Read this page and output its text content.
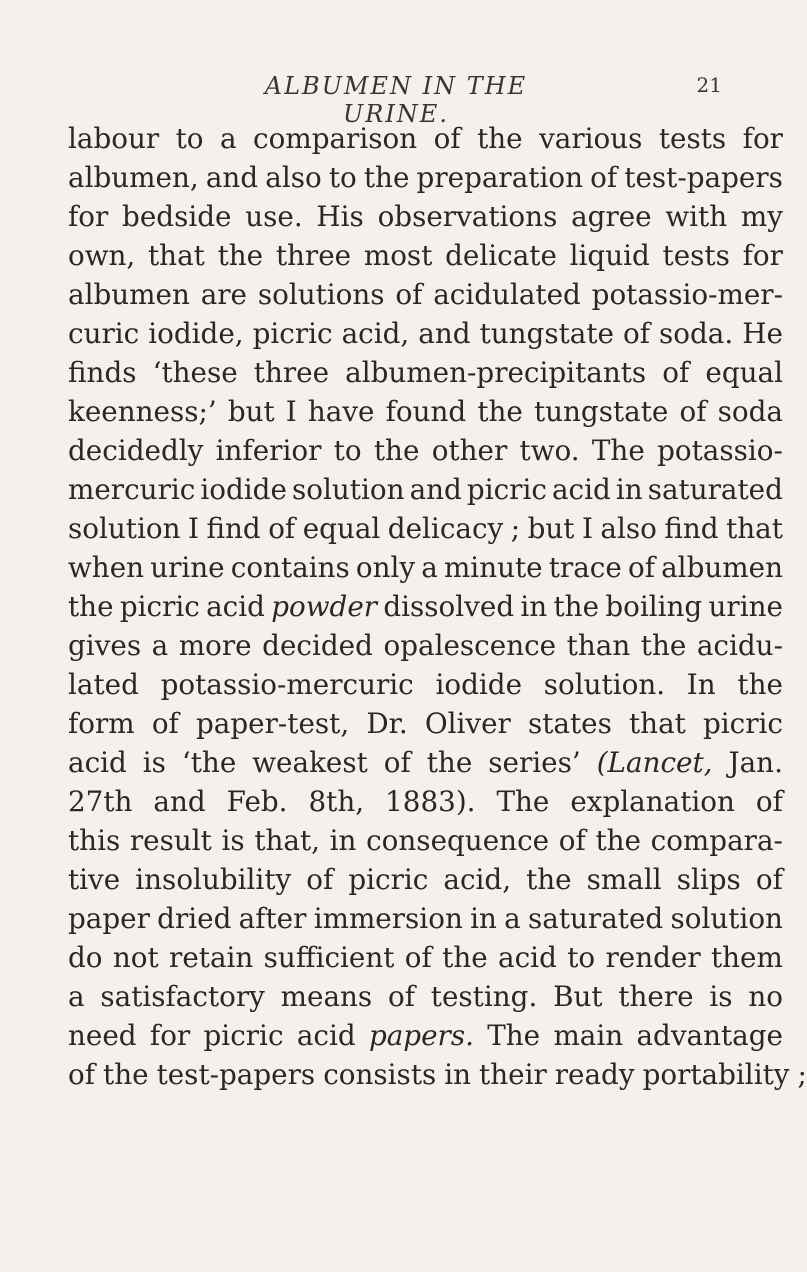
ALBUMEN IN THE URINE.
21
labour to a comparison of the various tests for
albumen, and also to the preparation of test-papers
for bedside use. His observations agree with my
own, that the three most delicate liquid tests for
albumen are solutions of acidulated potassio-mer-
curic iodide, picric acid, and tungstate of soda. He
finds ‘these three albumen-precipitants of equal
keenness;’ but I have found the tungstate of soda
decidedly inferior to the other two. The potassio-
mercuric iodide solution and picric acid in saturated
solution I find of equal delicacy ; but I also find that
when urine contains only a minute trace of albumen
the picric acid powder dissolved in the boiling urine
gives a more decided opalescence than the acidu-
lated potassio-mercuric iodide solution. In the
form of paper-test, Dr. Oliver states that picric
acid is ‘the weakest of the series’ (Lancet, Jan.
27th and Feb. 8th, 1883). The explanation of
this result is that, in consequence of the compara-
tive insolubility of picric acid, the small slips of
paper dried after immersion in a saturated solution
do not retain sufficient of the acid to render them
a satisfactory means of testing. But there is no
need for picric acid papers. The main advantage
of the test-papers consists in their ready portability ;
